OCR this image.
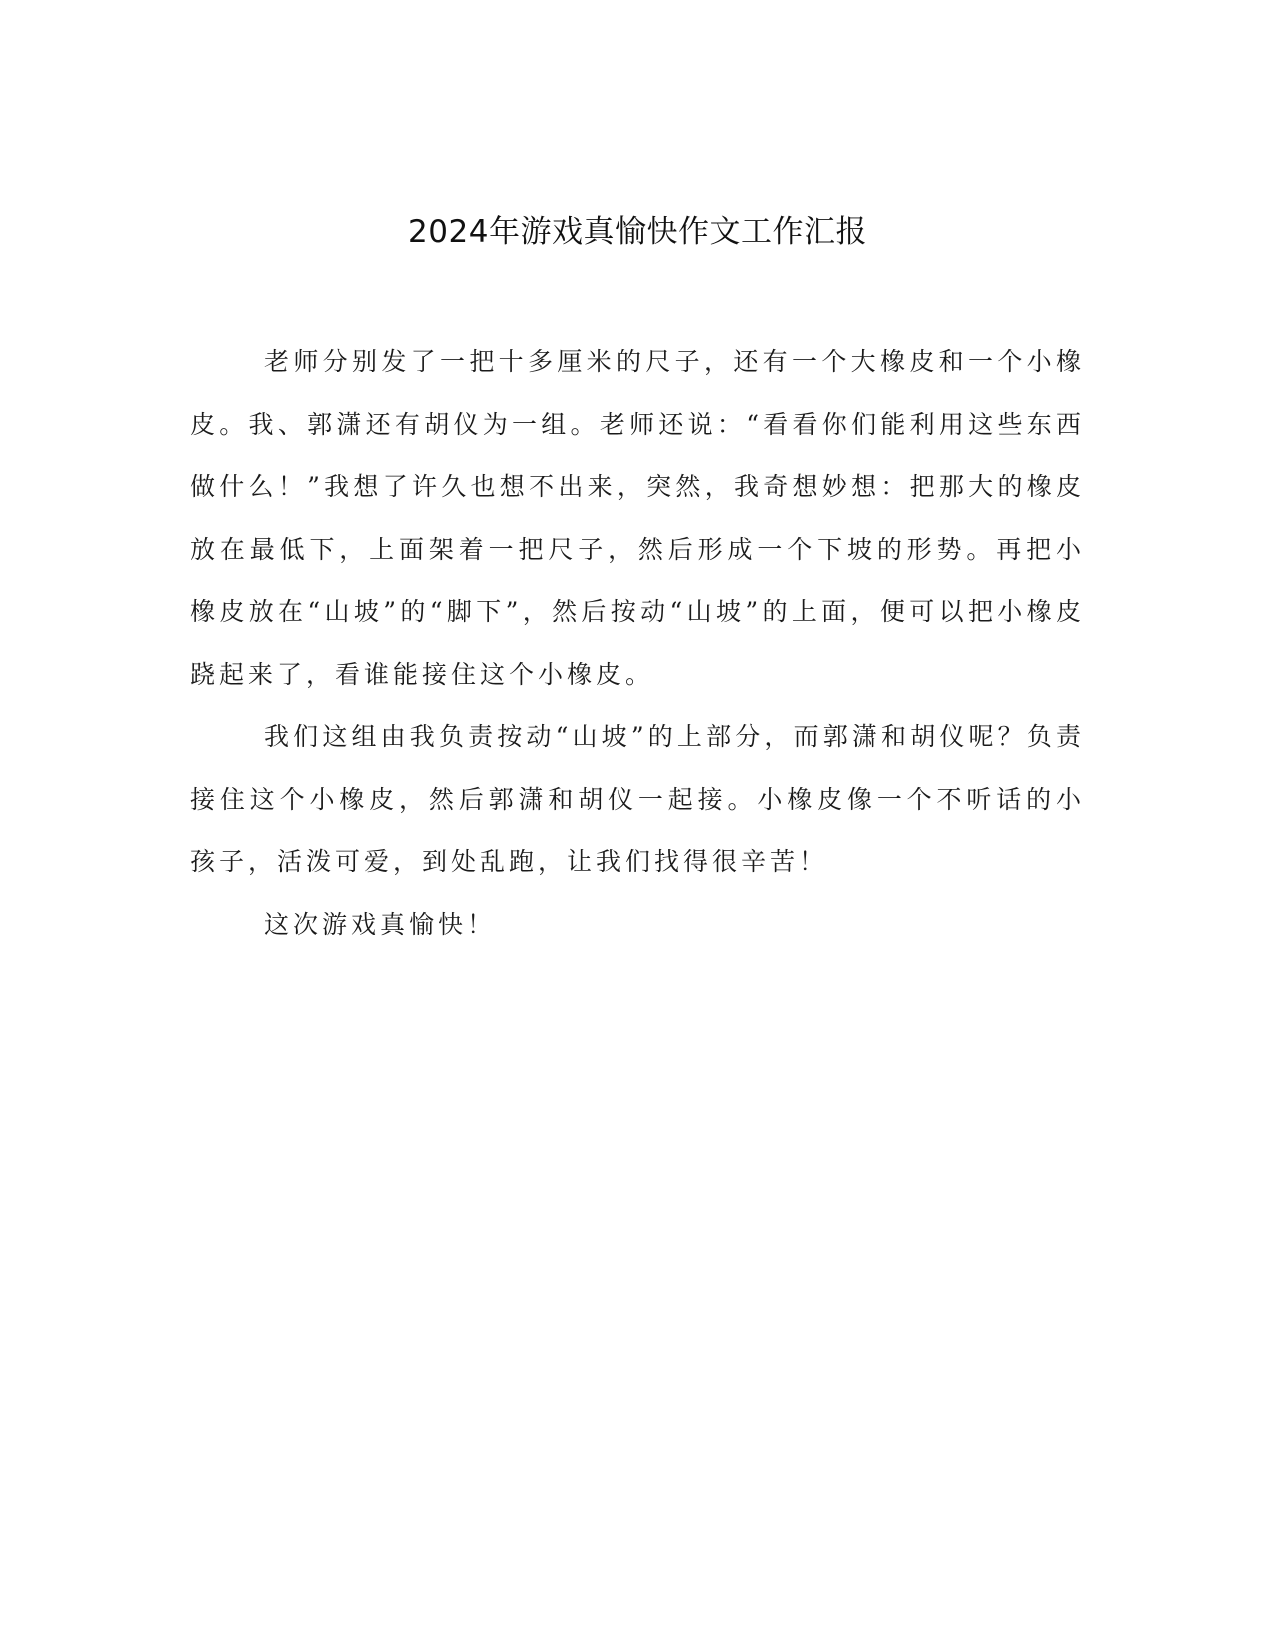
2024年游戏真愉快作文工作汇报

老师分别发了一把十多厘米的尺子，还有一个大橡皮和一个小橡皮。我、郭潇还有胡仪为一组。老师还说：“看看你们能利用这些东西做什么！”我想了许久也想不出来，突然，我奇想妙想：把那大的橡皮放在最低下，上面架着一把尺子，然后形成一个下坡的形势。再把小橡皮放在“山坡”的“脚下”，然后按动“山坡”的上面，便可以把小橡皮跷起来了，看谁能接住这个小橡皮。

我们这组由我负责按动“山坡”的上部分，而郭潇和胡仪呢？负责接住这个小橡皮，然后郭潇和胡仪一起接。小橡皮像一个不听话的小孩子，活泼可爱，到处乱跑，让我们找得很辛苦！

这次游戏真愉快！
